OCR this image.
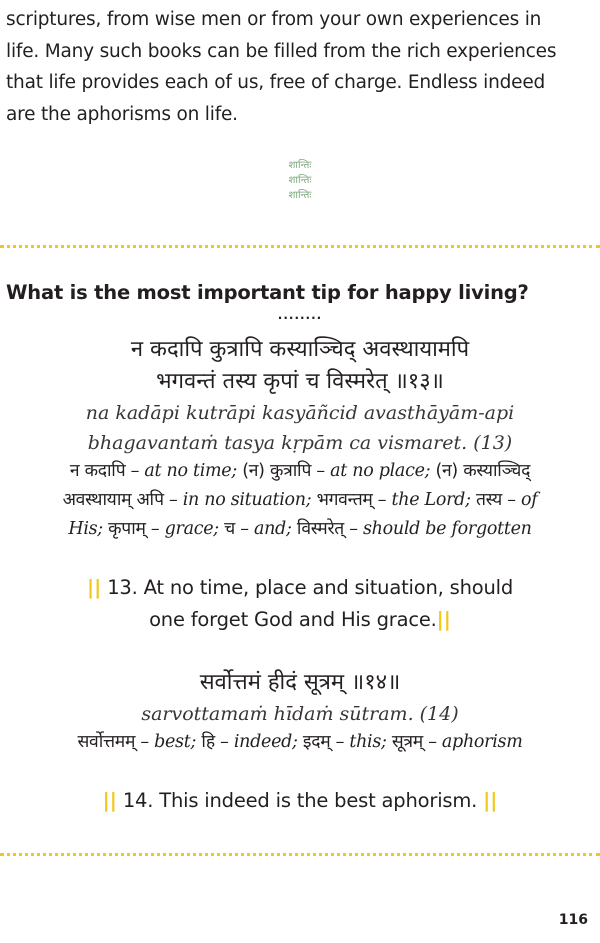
scriptures, from wise men or from your own experiences in
life. Many such books can be filled from the rich experiences
that life provides each of us, free of charge. Endless indeed
are the aphorisms on life.
शान्तिः
शान्तिः
शान्तिः
What is the most important tip for happy living?
........
न कदापि कुत्रापि कस्याञ्चिद् अवस्थायामपि
भगवन्तं तस्य कृपां च विस्मरेत् ॥१३॥
na kadāpi kutrāpi kasyāñcid avasthāyām-api
bhagavantaṁ tasya kṛpām ca vismaret. (13)
न कदापि – at no time; (न) कुत्रापि – at no place; (न) कस्याञ्चिद्
अवस्थायाम् अपि – in no situation; भगवन्तम् – the Lord; तस्य – of
His; कृपाम् – grace; च – and; विस्मरेत् – should be forgotten
|| 13. At no time, place and situation, should
one forget God and His grace.||
सर्वोत्तमं हीदं सूत्रम् ॥१४॥
sarvottamaṁ hīdaṁ sūtram. (14)
सर्वोत्तमम् – best; हि – indeed; इदम् – this; सूत्रम् – aphorism
|| 14. This indeed is the best aphorism. ||
116
